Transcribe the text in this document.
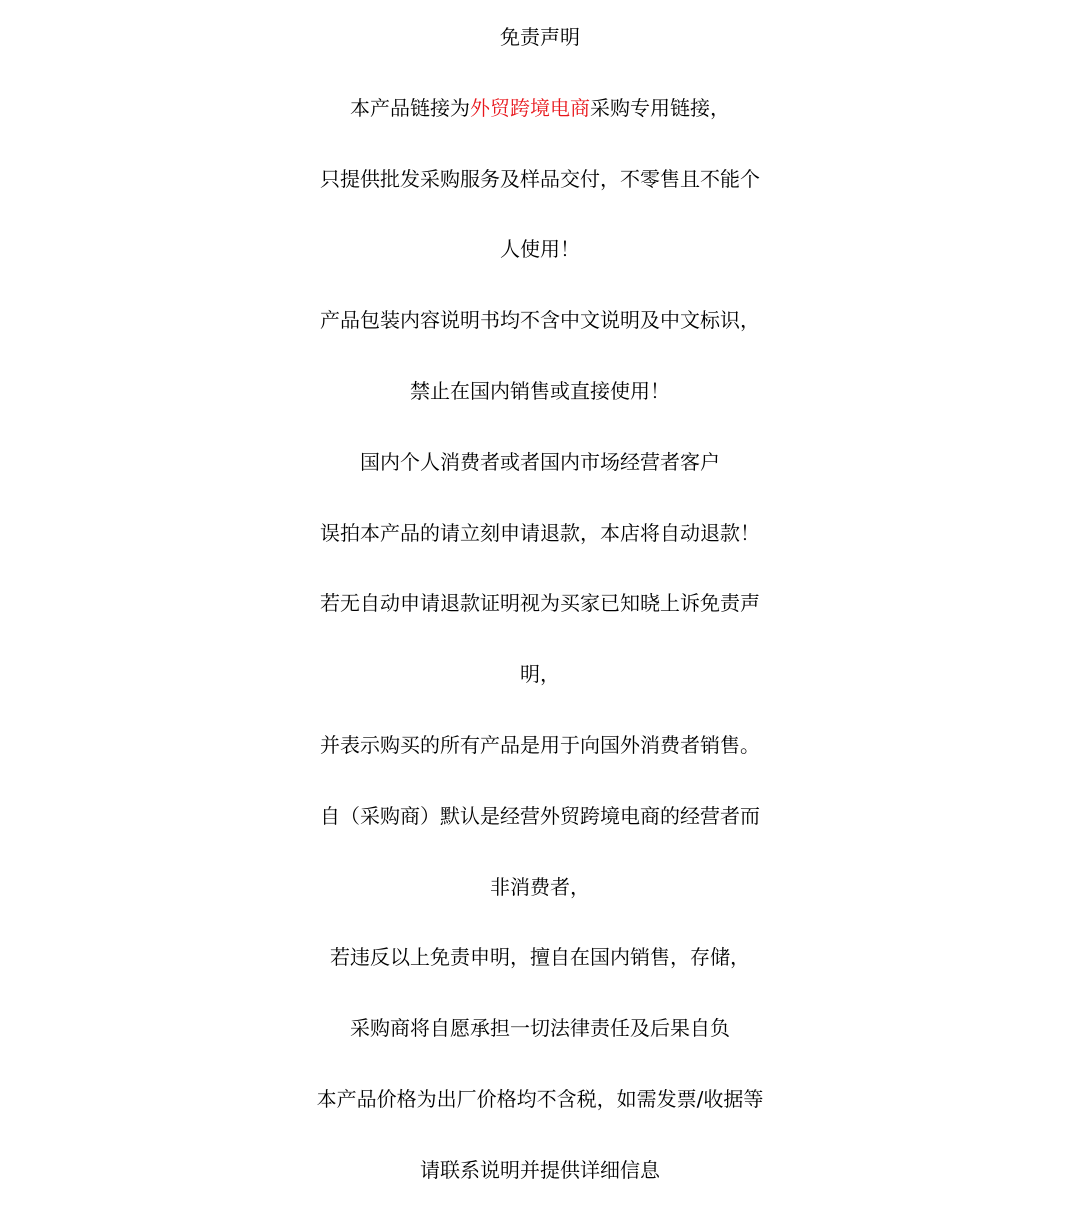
免责声明
本产品链接为外贸跨境电商采购专用链接，
只提供批发采购服务及样品交付，不零售且不能个
人使用！
产品包装内容说明书均不含中文说明及中文标识，
禁止在国内销售或直接使用！
国内个人消费者或者国内市场经营者客户
误拍本产品的请立刻申请退款，本店将自动退款！
若无自动申请退款证明视为买家已知晓上诉免责声
明，
并表示购买的所有产品是用于向国外消费者销售。
自（采购商）默认是经营外贸跨境电商的经营者而
非消费者，
若违反以上免责申明，擅自在国内销售，存储，
采购商将自愿承担一切法律责任及后果自负
本产品价格为出厂价格均不含税，如需发票/收据等
请联系说明并提供详细信息
